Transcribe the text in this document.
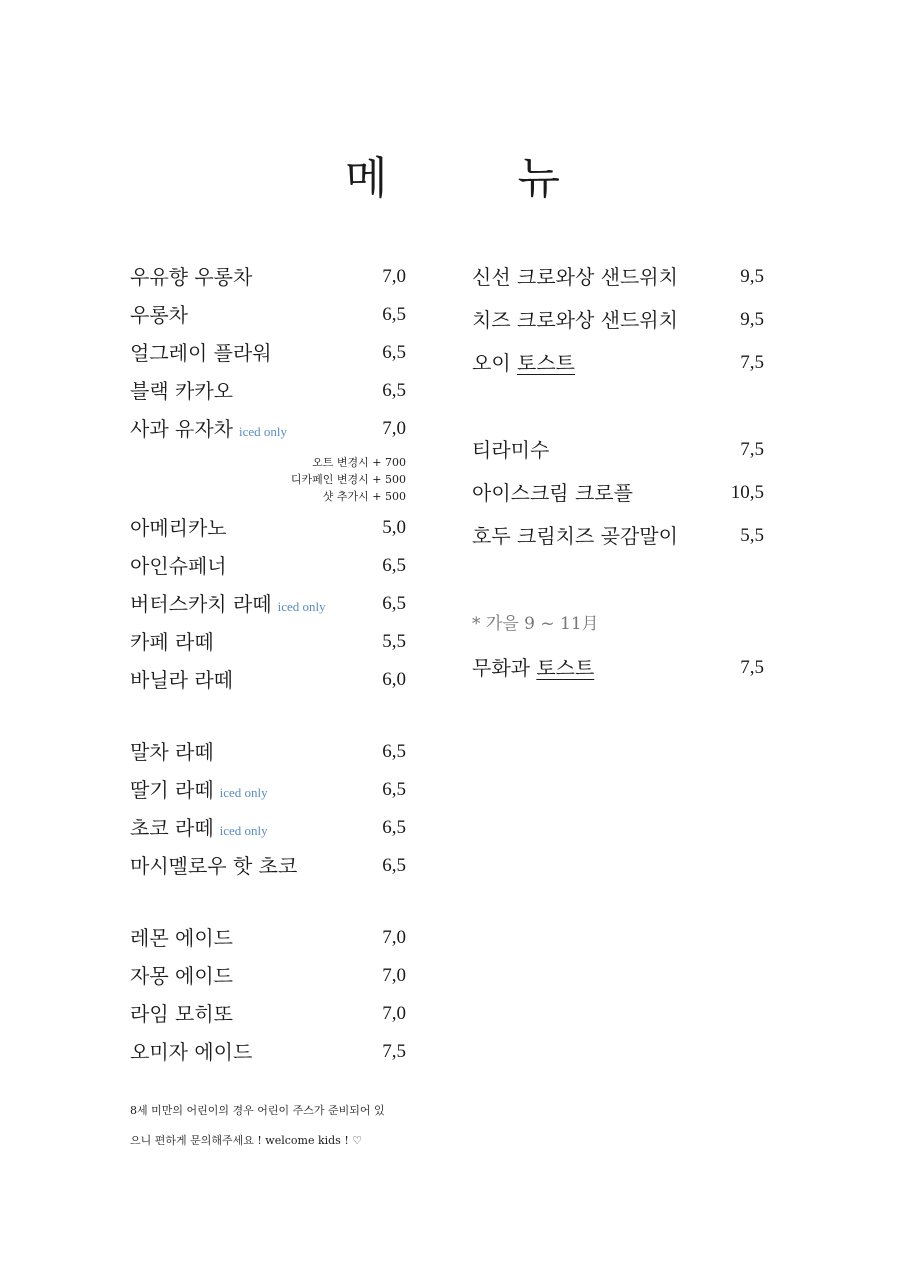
메 뉴
우유향 우롱차	7,0
우롱차	6,5
얼그레이 플라워	6,5
블랙 카카오	6,5
사과 유자차 iced only	7,0
오트 변경시 + 700
디카페인 변경시 + 500
샷 추가시 + 500
아메리카노	5,0
아인슈페너	6,5
버터스카치 라떼 iced only	6,5
카페 라떼	5,5
바닐라 라떼	6,0
말차 라떼	6,5
딸기 라떼 iced only	6,5
초코 라떼 iced only	6,5
마시멜로우 핫 초코	6,5
레몬 에이드	7,0
자몽 에이드	7,0
라임 모히또	7,0
오미자 에이드	7,5
신선 크로와상 샌드위치	9,5
치즈 크로와상 샌드위치	9,5
오이 토스트	7,5
티라미수	7,5
아이스크림 크로플	10,5
호두 크림치즈 곶감말이	5,5
* 가을 9 ~ 11月
무화과 토스트	7,5
8세 미만의 어린이의 경우 어린이 주스가 준비되어 있
으니 편하게 문의해주세요 ! welcome kids ! ♡
